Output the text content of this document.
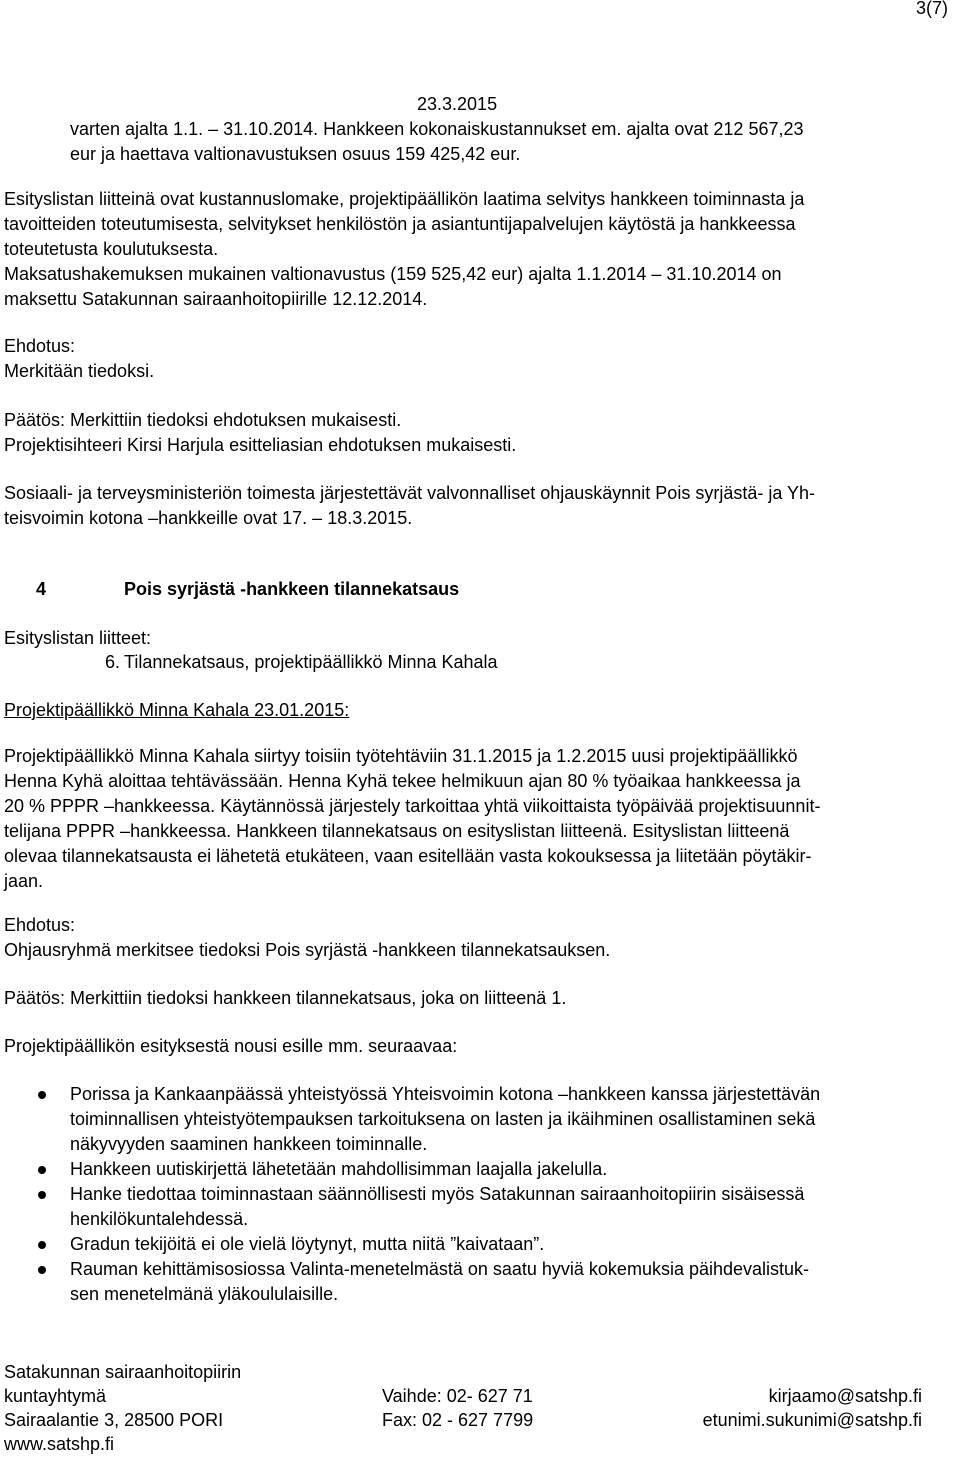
3(7)
23.3.2015
varten ajalta 1.1. – 31.10.2014. Hankkeen kokonaiskustannukset em. ajalta ovat 212 567,23
eur ja haettava valtionavustuksen osuus 159 425,42 eur.
Esityslistan liitteinä ovat kustannuslomake, projektipäällikön laatima selvitys hankkeen toiminnasta ja
tavoitteiden toteutumisesta, selvitykset henkilöstön ja asiantuntijapalvelujen käytöstä ja hankkeessa
toteutetusta koulutuksesta.
Maksatushakemuksen mukainen valtionavustus (159 525,42 eur) ajalta 1.1.2014 – 31.10.2014 on
maksettu Satakunnan sairaanhoitopiirille 12.12.2014.
Ehdotus:
Merkitään tiedoksi.
Päätös: Merkittiin tiedoksi ehdotuksen mukaisesti.
Projektisihteeri Kirsi Harjula esitteliasian ehdotuksen mukaisesti.
Sosiaali- ja terveysministeriön toimesta järjestettävät valvonnalliset ohjauskäynnit Pois syrjästä- ja Yh-
teisvoimin kotona –hankkeille ovat 17. – 18.3.2015.
4	Pois syrjästä -hankkeen tilannekatsaus
Esityslistan liitteet:
6. Tilannekatsaus, projektipäällikkö Minna Kahala
Projektipäällikkö Minna Kahala 23.01.2015:
Projektipäällikkö Minna Kahala siirtyy toisiin työtehtäviin 31.1.2015 ja 1.2.2015 uusi projektipäällikkö
Henna Kyhä aloittaa tehtävässään. Henna Kyhä tekee helmikuun ajan 80 % työaikaa hankkeessa ja
20 % PPPR –hankkeessa. Käytännössä järjestely tarkoittaa yhtä viikoittaista työpäivää projektisuunnit-
telijana PPPR –hankkeessa. Hankkeen tilannekatsaus on esityslistan liitteenä. Esityslistan liitteenä
olevaa tilannekatsausta ei lähetetä etukäteen, vaan esitellään vasta kokouksessa ja liitetään pöytäkir-
jaan.
Ehdotus:
Ohjausryhmä merkitsee tiedoksi Pois syrjästä -hankkeen tilannekatsauksen.
Päätös: Merkittiin tiedoksi hankkeen tilannekatsaus, joka on liitteenä 1.
Projektipäällikön esityksestä nousi esille mm. seuraavaa:
Porissa ja Kankaanpäässä yhteistyössä Yhteisvoimin kotona –hankkeen kanssa järjestettävän
toiminnallisen yhteistyötempauksen tarkoituksena on lasten ja ikäihminen osallistaminen sekä
näkyvyyden saaminen hankkeen toiminnalle.
Hankkeen uutiskirjettä lähetetään mahdollisimman laajalla jakelulla.
Hanke tiedottaa toiminnastaan säännöllisesti myös Satakunnan sairaanhoitopiirin sisäisessä
henkilökuntalehdessä.
Gradun tekijöitä ei ole vielä löytynyt, mutta niitä ”kaivataan”.
Rauman kehittämisosiossa Valinta-menetelmästä on saatu hyviä kokemuksia päihdevalistuk-
sen menetelmänä yläkoululaisille.
Satakunnan sairaanhoitopiirin
kuntayhtymä
Sairaalantie 3, 28500 PORI
www.satshp.fi
Vaihde: 02- 627 71
Fax: 02 - 627 7799
kirjaamo@satshp.fi
etunimi.sukunimi@satshp.fi
